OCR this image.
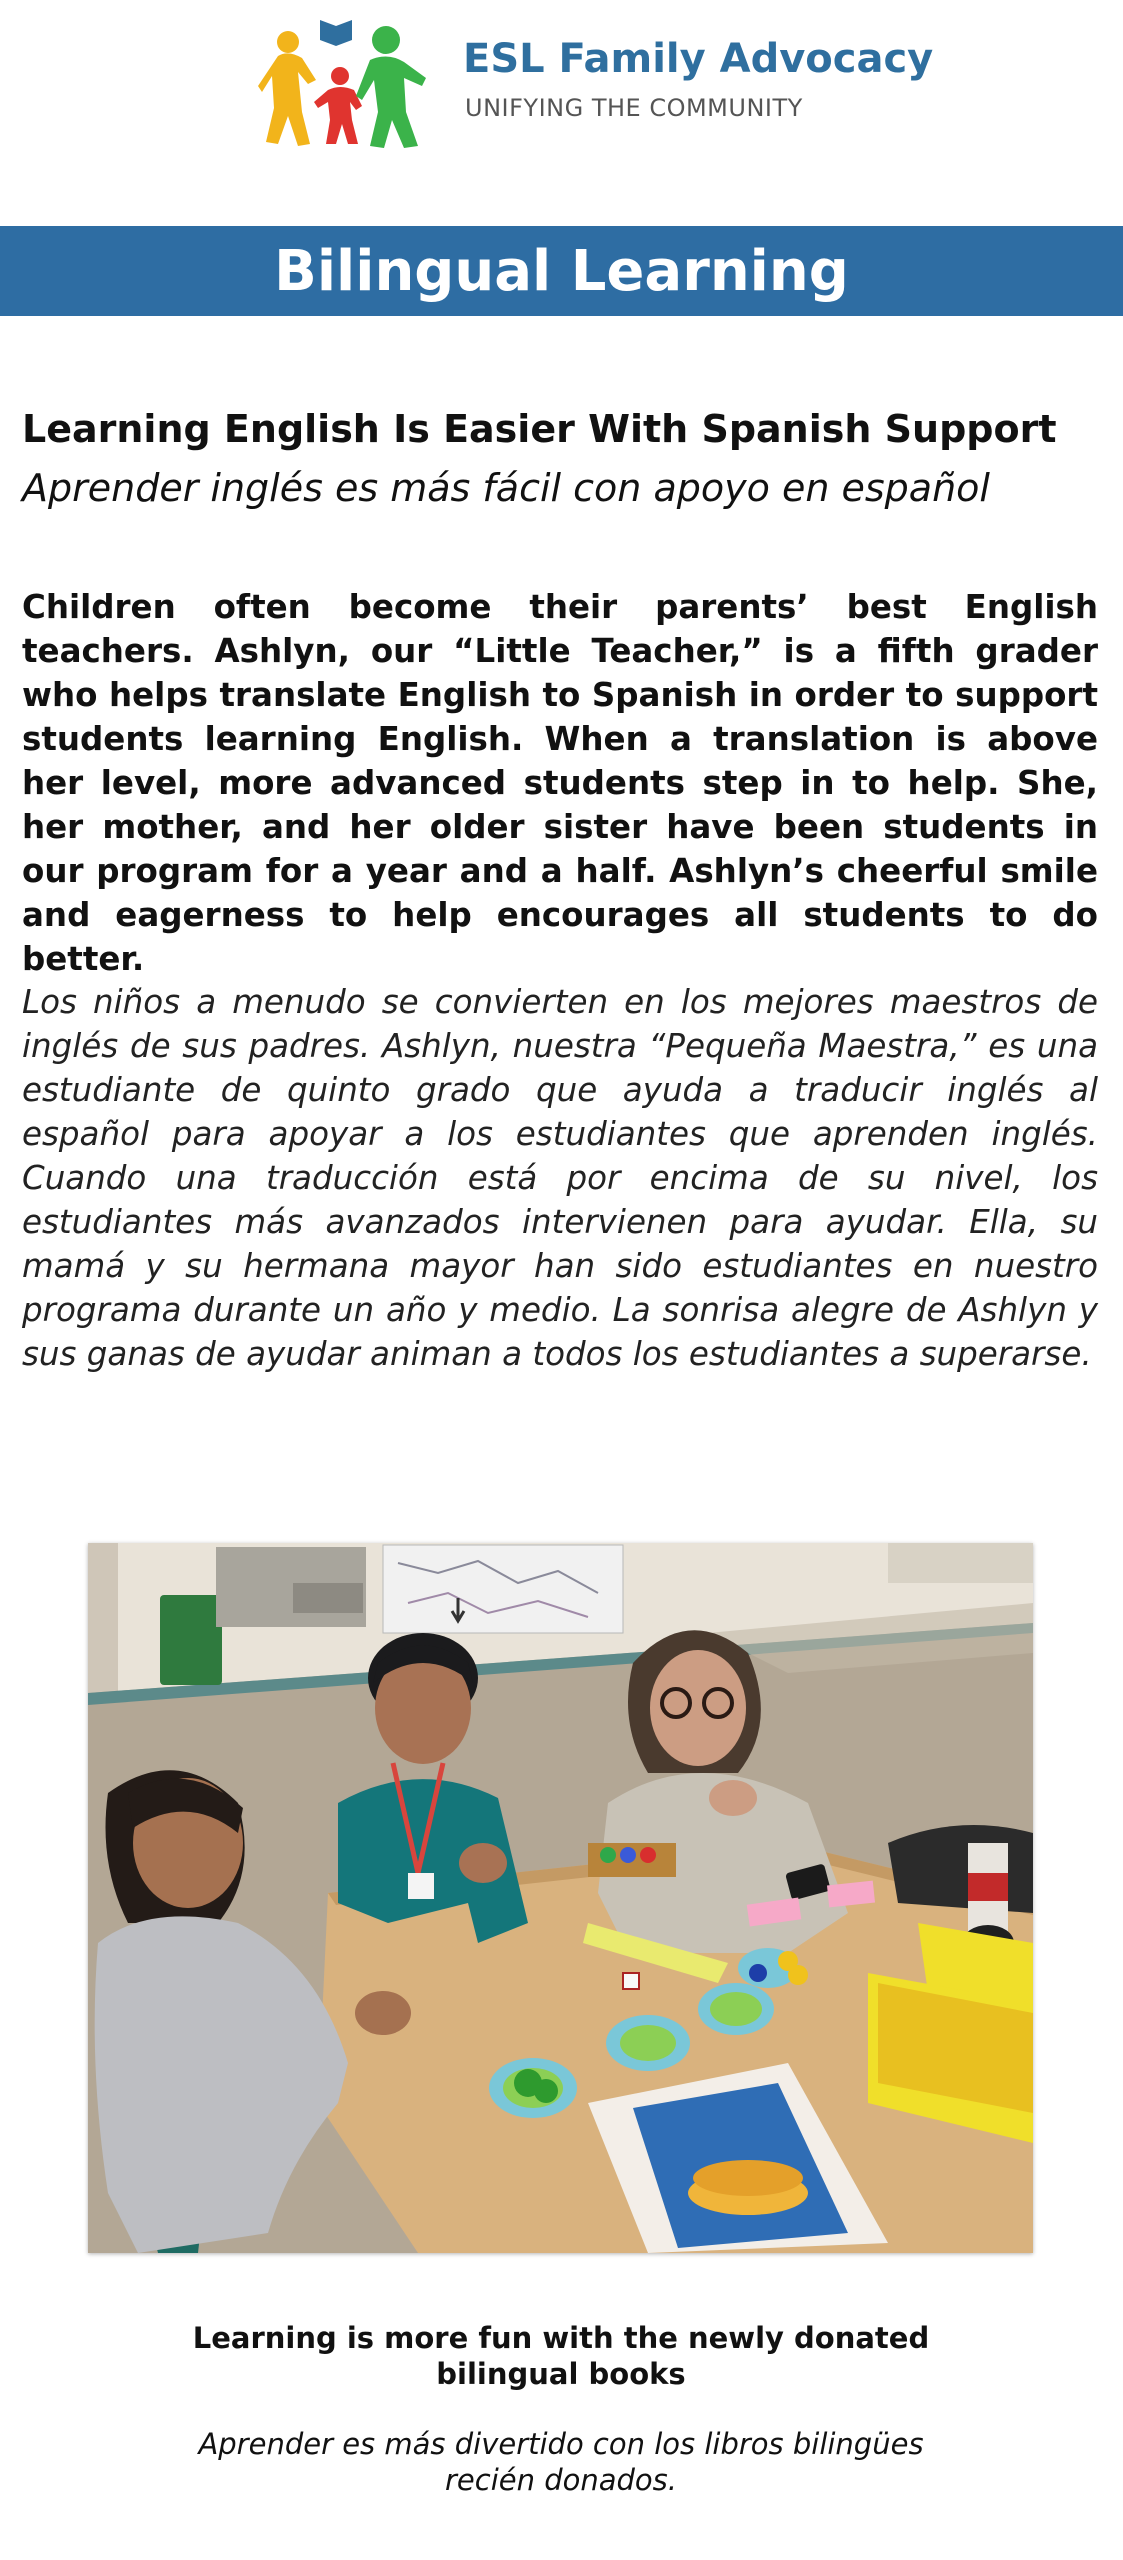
ESL Family Advocacy
UNIFYING THE COMMUNITY
Bilingual Learning
Learning English Is Easier With Spanish Support
Aprender inglés es más fácil con apoyo en español

Children often become their parents’ best English teachers. Ashlyn, our “Little Teacher,” is a fifth grader who helps translate English to Spanish in order to support students learning English. When a translation is above her level, more advanced students step in to help. She, her mother, and her older sister have been students in our program for a year and a half. Ashlyn’s cheerful smile and eagerness to help encourages all students to do better.

Los niños a menudo se convierten en los mejores maestros de inglés de sus padres. Ashlyn, nuestra “Pequeña Maestra,” es una estudiante de quinto grado que ayuda a traducir inglés al español para apoyar a los estudiantes que aprenden inglés. Cuando una traducción está por encima de su nivel, los estudiantes más avanzados intervienen para ayudar. Ella, su mamá y su hermana mayor han sido estudiantes en nuestro programa durante un año y medio. La sonrisa alegre de Ashlyn y sus ganas de ayudar animan a todos los estudiantes a superarse.

Learning is more fun with the newly donated bilingual books
Aprender es más divertido con los libros bilingües recién donados.
